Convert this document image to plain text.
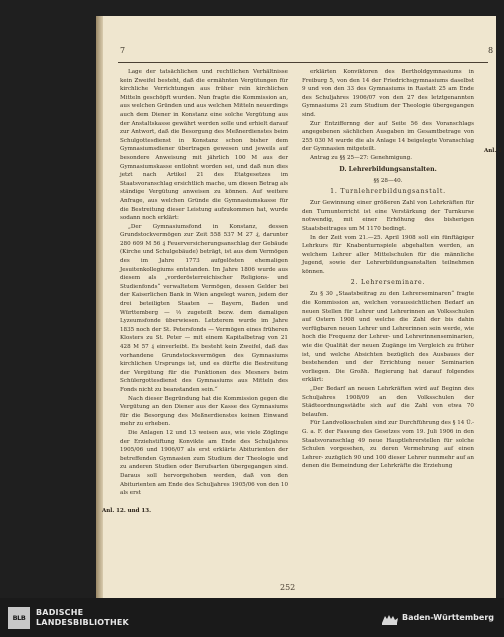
7	8

Lage der tatsächlichen und rechtlichen Verhältnisse kein Zweifel besteht, daß die ermähnten Vergütungen für kirchliche Verrichtungen aus früher rein kirchlichen Mitteln geschöpft wurden. Nun fragte die Kommission an, aus welchen Gründen und aus welchen Mitteln neuerdings auch dem Diener in Konstanz eine solche Vergütung aus der Anstaltskasse gewährt werden solle und erhielt darauf zur Antwort, daß die Besorgung des Meßnerdienstes beim Schulgottesdienst in Konstanz schon bisher dem Gymnasiumsdiener übertragen gewesen und jeweils auf besondere Anweisung mit jährlich 100 M aus der Gymnasiumskasse entlohnt worden sei, und daß nun dies jetzt nach Artikel 21 des Etatgesetzes im Staatsvoranschlag ersichtlich mache, um diesen Betrag als ständige Vergütung anweisen zu können. Auf weitere Anfrage, aus welchen Gründe die Gymnasiumskasse für die Bestreitung dieser Leistung aufzukommen hat, wurde sodann noch erklärt:

„Der Gymnasiumsfond in Konstanz, dessen Grundstockvermögen zur Zeit 558 537 M 27 ₰, darunter 280 609 M 56 ₰ Feuerversicherungsanschlag der Gebäude (Kirche und Schulgebäude) beträgt, ist aus dem Vermögen des im Jahre 1773 aufgelösten ehemaligen Jesuitenkollegiums entstanden. Im Jahre 1806 wurde aus diesem als „vorderösterreichischer Religions- und Studienfonds“ verwaltetem Vermögen, dessen Gelder bei der Kaiserlichen Bank in Wien angelegt waren, jedem der drei beteiligten Staaten — Bayern, Baden und Württemberg — ⅓ zugeteilt bezw. dem damaligen Lyzeumsfonde überwiesen. Letzterem wurde im Jahre 1835 noch der St. Petersfonds — Vermögen eines früheren Klosters zu St. Peter — mit einem Kapitalbetrag von 21 428 M 57 ₰ einverleibt. Es besteht kein Zweifel, daß das vorhandene Grundstocksvermögen des Gymnasiums kirchlichen Ursprungs ist, und es dürfte die Bestreitung der Vergütung für die Funktionen des Mesners beim Schülergottesdienst des Gymnasiums aus Mitteln des Fonds nicht zu beanstanden sein.“

Nach dieser Begründung hat die Kommission gegen die Vergütung an den Diener aus der Kasse des Gymnasiums für die Besorgung des Meßnerdienstes keinen Einwand mehr zu erheben.

Die Anlagen 12 und 13 weisen aus, wie viele Zöglinge der Erziehstiftung Konvikte am Ende des Schuljahres 1905/06 und 1906/07 als erst erklärte Abiturienten der betreffenden Gymnasien zum Studium der Theologie und zu anderen Studien oder Berufsarten übergegangen sind. Daraus soll hervorgehoben werden, daß von den Abiturienten am Ende des Schuljahres 1905/06 von den 10 als erst

erklärten Konviktoren des Bertholdgymnasiums in Freiburg 5, von den 14 der Friedrichsgymnasiums daselbst 9 und von den 33 des Gymnasiums in Rastatt 25 am Ende des Schuljahres 1906/07 von den 27 des letztgenannten Gymnasiums 21 zum Studium der Theologie übergegangen sind.

Zur Entziffernng der auf Seite 56 des Voranschlags angegebenen sächlichen Ausgaben im Gesamtbetrage von 255 030 M wurde die als Anlage 14 beigelegte Voranschlag der Gymnasien mitgeteilt.

Antrag zu §§ 25—27: Genehmigung.

D. Lehrerbildungsanstalten.

§§ 28—40.

1. Turnlehrerbildungsanstalt.

Zur Gewinnung einer größeren Zahl von Lehrkräften für den Turnunterricht ist eine Verstärkung der Turnkurse notwendig, mit einer Erhöhung des bisherigen Staatsbeitrages um M 1170 bedingt.

In der Zeit vom 21.—25. April 1908 soll ein fünftägiger Lehrkurs für Knabenturnspiele abgehalten werden, an welchem Lehrer aller Mittelschulen für die männliche Jugend, sowie der Lehrerbildungsanstalten teilnehmen können.

2. Lehrerseminare.

Zu § 30 „Staatsbeitrag zu den Lehrerseminaren“ fragte die Kommission an, welchen voraussichtlichen Bedarf an neuen Stellen für Lehrer und Lehrerinnen an Volksschulen auf Ostern 1908 und welche die Zahl der bis dahin verfügbaren neuen Lehrer und Lehrerinnen sein werde, wie hoch die Frequenz der Lehrer- und Lehrerinnenseminarien, wie die Qualität der neuen Zugänge im Vergleich zu früher ist, und welche Absichten bezüglich des Ausbaues der bestehenden und der Errichtung neuer Seminarien vorliegen. Die Großh. Regierung hat darauf folgendes erklärt:

„Der Bedarf an neuen Lehrkräften wird auf Beginn des Schuljahres 1908/09 an den Volksschulen der Städteordnungsstädte sich auf die Zahl von etwa 70 belaufen.

Für Landvolksschulen sind zur Durchführung des § 14 Ü.-G. a. F. der Fassung des Gesetzes vom 19. Juli 1906 in den Staatsvoranschlag 49 neue Hauptlehrerstellen für solche Schulen vorgesehen, zu deren Vermehrung auf einen Lehrer- zuzüglich 90 und 100 dieser Lehrer nunmehr auf an denen die Bemeindung der Lehrkräfte die Erziehung

Anl. 12. und 13.
Anl. 1
252
BLB
BADISCHE
LANDESBIBLIOTHEK
Baden-Württemberg
